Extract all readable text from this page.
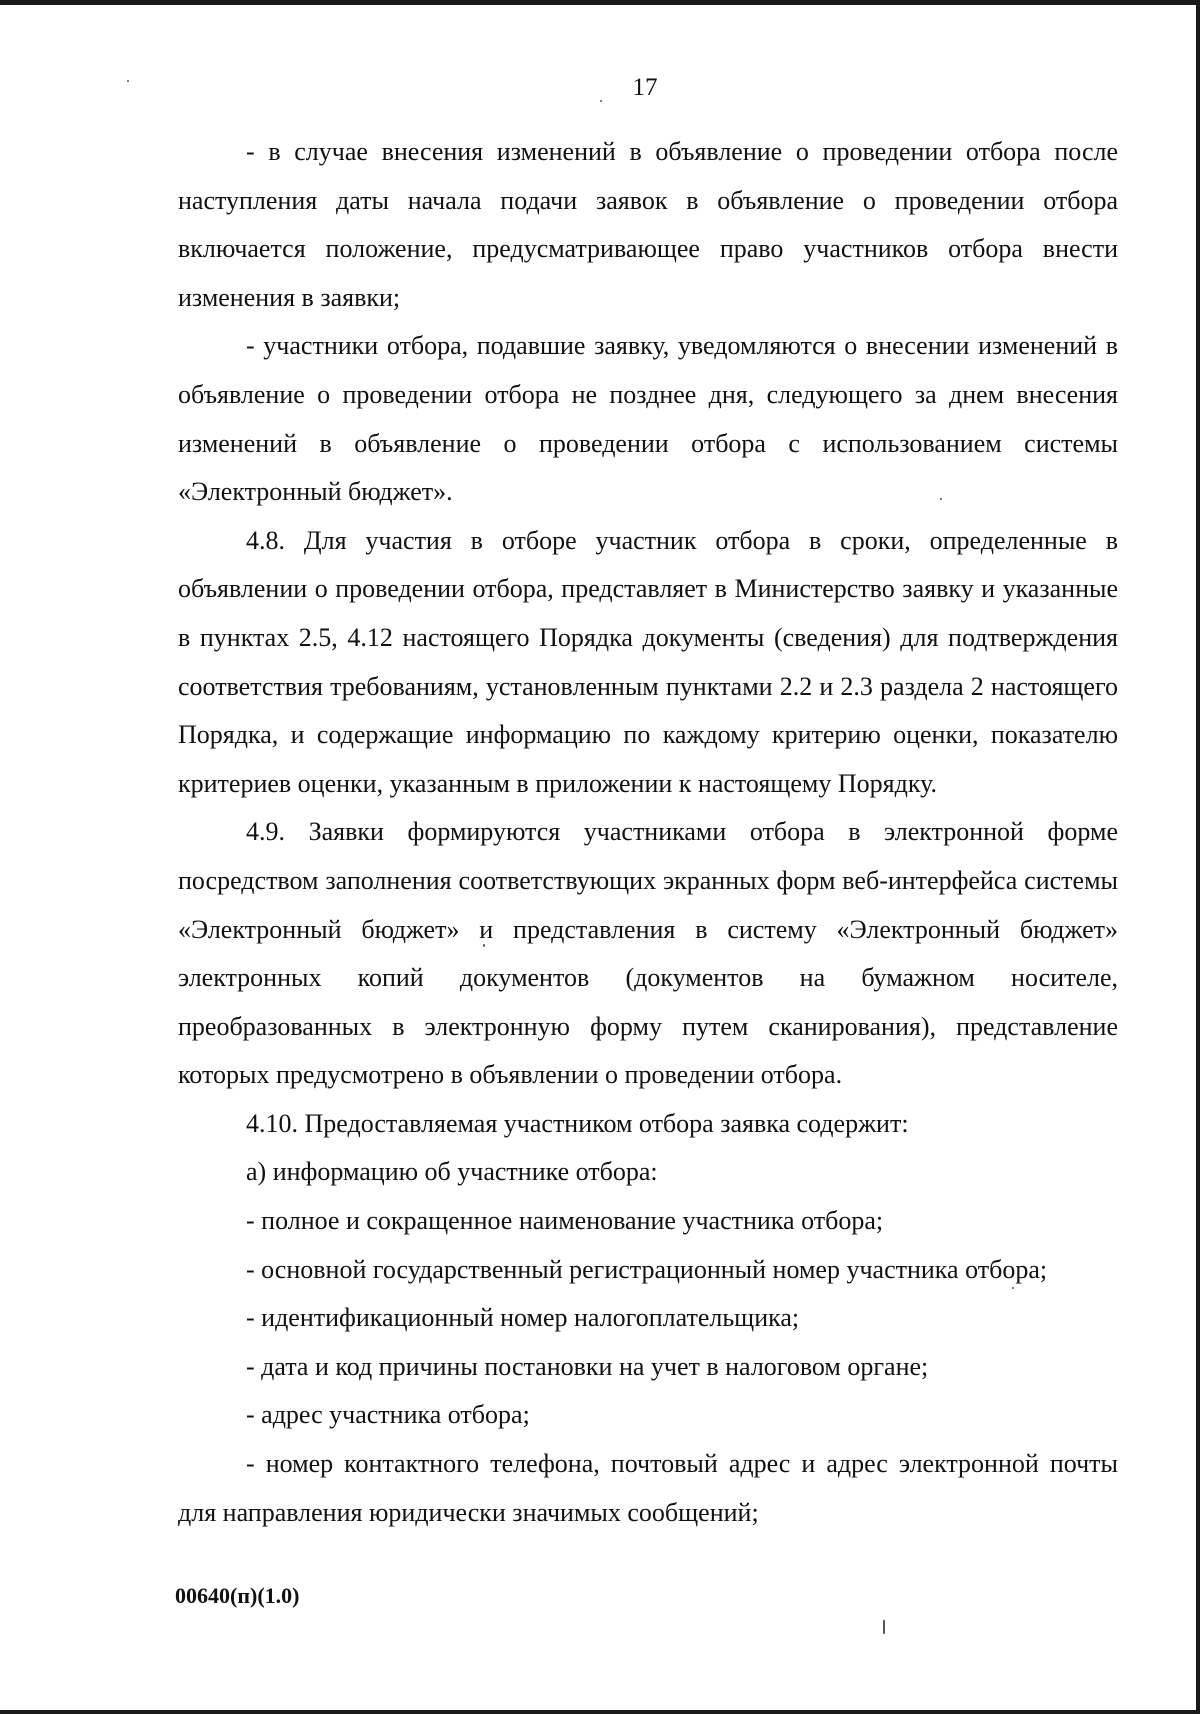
17

- в случае внесения изменений в объявление о проведении отбора после наступления даты начала подачи заявок в объявление о проведении отбора включается положение, предусматривающее право участников отбора внести изменения в заявки;

- участники отбора, подавшие заявку, уведомляются о внесении изменений в объявление о проведении отбора не позднее дня, следующего за днем внесения изменений в объявление о проведении отбора с использованием системы «Электронный бюджет».

4.8. Для участия в отборе участник отбора в сроки, определенные в объявлении о проведении отбора, представляет в Министерство заявку и указанные в пунктах 2.5, 4.12 настоящего Порядка документы (сведения) для подтверждения соответствия требованиям, установленным пунктами 2.2 и 2.3 раздела 2 настоящего Порядка, и содержащие информацию по каждому критерию оценки, показателю критериев оценки, указанным в приложении к настоящему Порядку.

4.9. Заявки формируются участниками отбора в электронной форме посредством заполнения соответствующих экранных форм веб-интерфейса системы «Электронный бюджет» и представления в систему «Электронный бюджет» электронных копий документов (документов на бумажном носителе, преобразованных в электронную форму путем сканирования), представление которых предусмотрено в объявлении о проведении отбора.

4.10. Предоставляемая участником отбора заявка содержит:

а) информацию об участнике отбора:

- полное и сокращенное наименование участника отбора;

- основной государственный регистрационный номер участника отбора;

- идентификационный номер налогоплательщика;

- дата и код причины постановки на учет в налоговом органе;

- адрес участника отбора;

- номер контактного телефона, почтовый адрес и адрес электронной почты для направления юридически значимых сообщений;

00640(п)(1.0)
